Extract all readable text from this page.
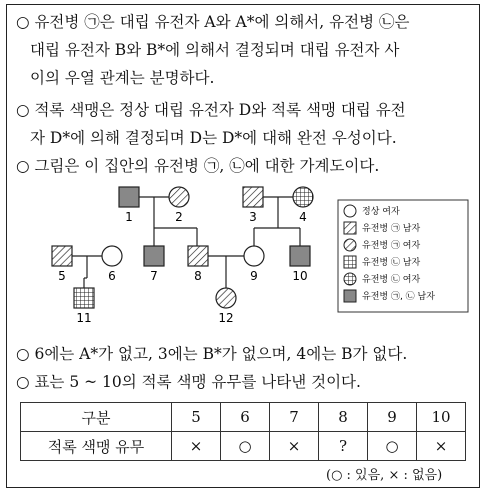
○ 유전병 ㉠은 대립 유전자 A와 A*에 의해서, 유전병 ㉡은
대립 유전자 B와 B*에 의해서 결정되며 대립 유전자 사
이의 우열 관계는 분명하다.
○ 적록 색맹은 정상 대립 유전자 D와 적록 색맹 대립 유전
자 D*에 의해 결정되며 D는 D*에 대해 완전 우성이다.
○ 그림은 이 집안의 유전병 ㉠, ㉡에 대한 가계도이다.
1	2	3	4
5	6	7	8	9	10
11	12
정상 여자
유전병 ㉠ 남자
유전병 ㉠ 여자
유전병 ㉡ 남자
유전병 ㉡ 여자
유전병 ㉠, ㉡ 남자
○ 6에는 A*가 없고, 3에는 B*가 없으며, 4에는 B가 없다.
○ 표는 5 ~ 10의 적록 색맹 유무를 나타낸 것이다.
구분	5	6	7	8	9	10
적록 색맹 유무	×	○	×	?	○	×
(○ : 있음, × : 없음)
